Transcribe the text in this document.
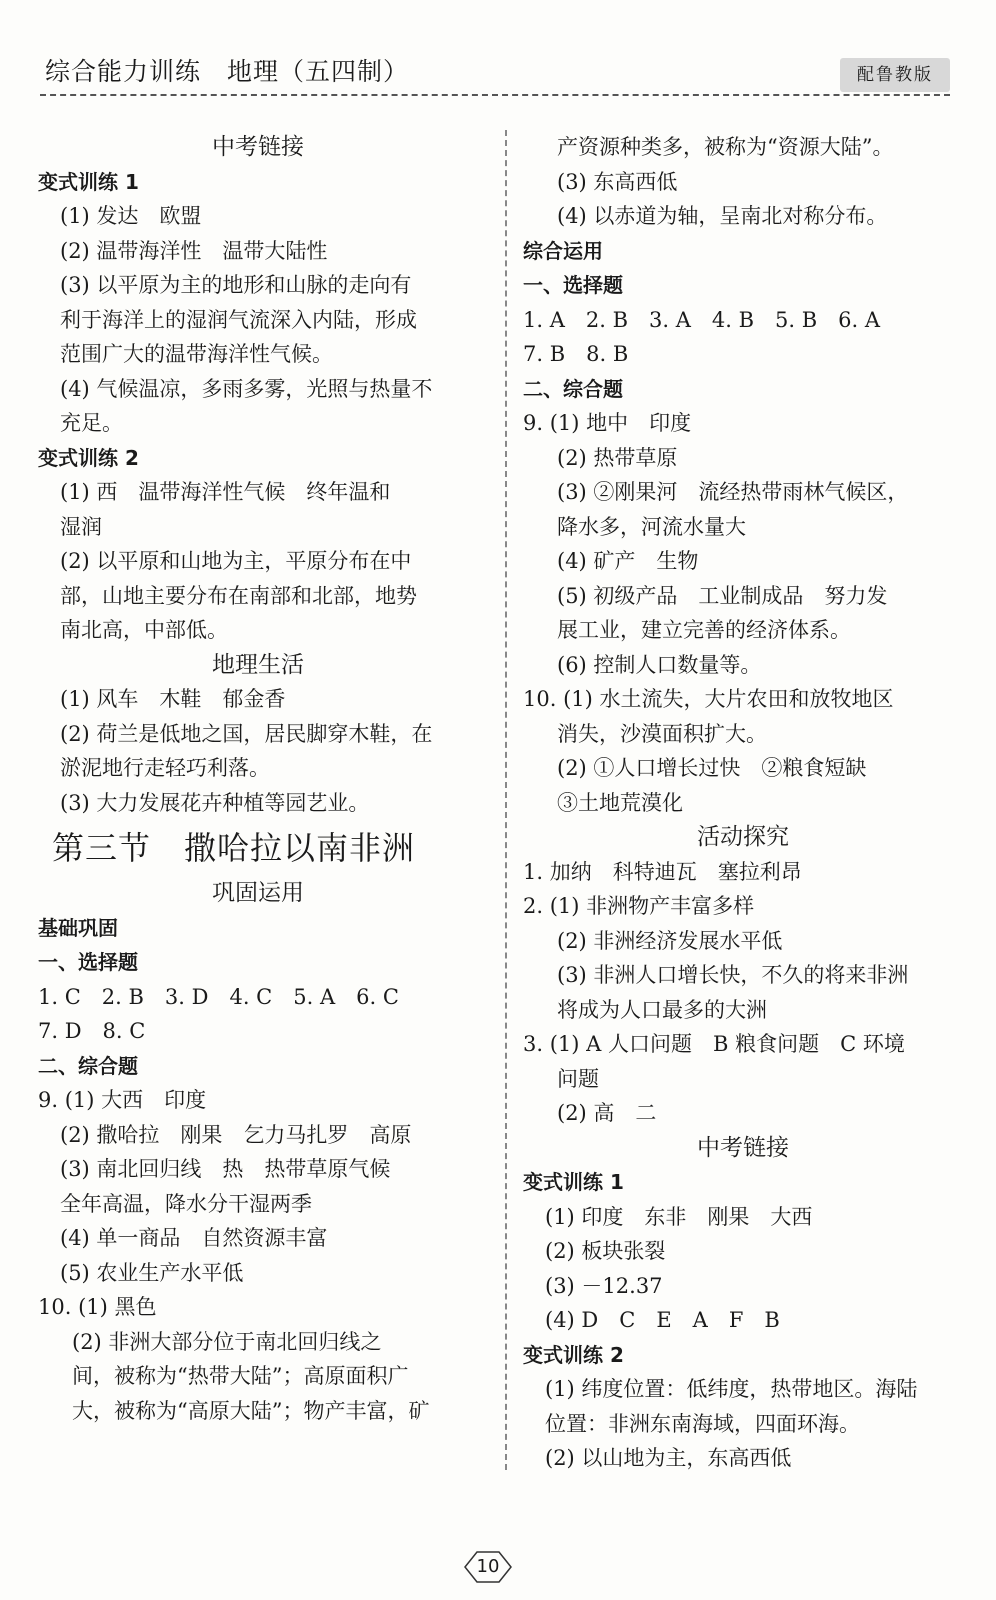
综合能力训练　地理（五四制）	配鲁教版
中考链接
变式训练 1
(1) 发达　欧盟
(2) 温带海洋性　温带大陆性
(3) 以平原为主的地形和山脉的走向有
利于海洋上的湿润气流深入内陆，形成
范围广大的温带海洋性气候。
(4) 气候温凉，多雨多雾，光照与热量不
充足。
变式训练 2
(1) 西　温带海洋性气候　终年温和
湿润
(2) 以平原和山地为主，平原分布在中
部，山地主要分布在南部和北部，地势
南北高，中部低。
地理生活
(1) 风车　木鞋　郁金香
(2) 荷兰是低地之国，居民脚穿木鞋，在
淤泥地行走轻巧利落。
(3) 大力发展花卉种植等园艺业。
第三节　撒哈拉以南非洲
巩固运用
基础巩固
一、选择题
1. C　2. B　3. D　4. C　5. A　6. C
7. D　8. C
二、综合题
9. (1) 大西　印度
(2) 撒哈拉　刚果　乞力马扎罗　高原
(3) 南北回归线　热　热带草原气候
全年高温，降水分干湿两季
(4) 单一商品　自然资源丰富
(5) 农业生产水平低
10. (1) 黑色
(2) 非洲大部分位于南北回归线之
间，被称为“热带大陆”；高原面积广
大，被称为“高原大陆”；物产丰富，矿
产资源种类多，被称为“资源大陆”。
(3) 东高西低
(4) 以赤道为轴，呈南北对称分布。
综合运用
一、选择题
1. A　2. B　3. A　4. B　5. B　6. A
7. B　8. B
二、综合题
9. (1) 地中　印度
(2) 热带草原
(3) ②刚果河　流经热带雨林气候区，
降水多，河流水量大
(4) 矿产　生物
(5) 初级产品　工业制成品　努力发
展工业，建立完善的经济体系。
(6) 控制人口数量等。
10. (1) 水土流失，大片农田和放牧地区
消失，沙漠面积扩大。
(2) ①人口增长过快　②粮食短缺
③土地荒漠化
活动探究
1. 加纳　科特迪瓦　塞拉利昂
2. (1) 非洲物产丰富多样
(2) 非洲经济发展水平低
(3) 非洲人口增长快，不久的将来非洲
将成为人口最多的大洲
3. (1) A 人口问题　B 粮食问题　C 环境
问题
(2) 高　二
中考链接
变式训练 1
(1) 印度　东非　刚果　大西
(2) 板块张裂
(3) －12.37
(4) D　C　E　A　F　B
变式训练 2
(1) 纬度位置：低纬度，热带地区。海陆
位置：非洲东南海域，四面环海。
(2) 以山地为主，东高西低
10
